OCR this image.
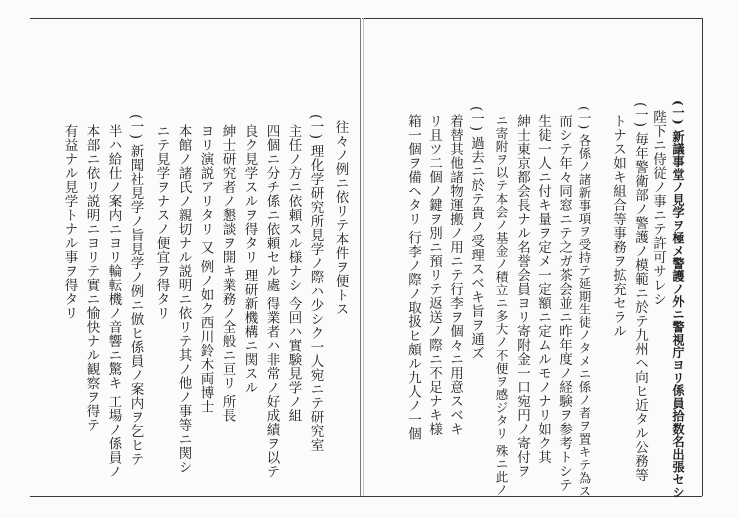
(一) 新議事堂ノ見学ヲ極メ警護ノ外ニ警視庁ヨリ係員拾数名出張セシ
陛下ニ侍従ノ事ニテ許可サレシ
(一) 毎年警衛部ノ警護ノ模範ニ於テ九州ヘ向ヒ近タル公務等
トナス如キ組合等事務ヲ拡充セラル
(一) 各係ノ諸新事項ヲ受持テ延期生徒ノタメニ係ノ者ヲ置キテ為ス
而シテ年々同窓ニテ之ガ茶会並ニ昨年度ノ経験ヲ参考トシテ
生徒一人ニ付キ量ヲ定メ一定額ニ定ムルモノナリ如ク其
紳士東京都会長ナル名誉会員ヨリ寄附金一口宛円ノ寄付ヲ
ニ寄附ヲ以テ本会ノ基金ノ積立ニ多大ノ不便ヲ感ジタリ 殊ニ此ノ
(一) 過去ニ於テ貴ノ受理スベキ旨ヲ通ズ
着替其他諸物運搬ノ用ニテ行李ヲ個々ニ用意スベキ
リ且ツ二個ノ鍵ヲ別ニ預リテ返送ノ際ニ不足ナキ様
箱一個ヲ備ヘタリ 行李ノ際ノ取扱ヒ頗ル九人ノ一個
往々ノ例ニ依リテ本件ヲ便トス
(一) 理化学研究所見学ノ際ハ少シク一人宛ニテ研究室
主任ノ方ニ依頼スル様ナシ 今回ハ實験見学ノ組
四個ニ分チ係ニ依頼セル處 得業者ハ非常ノ好成績ヲ以テ
良ク見学スルヲ得タリ 理研新機構ニ関スル
紳士研究者ノ懇談ヲ開キ業務ノ全般ニ亘リ 所長
ヨリ演説アリタリ 又 例ノ如ク西川鈴木両博士
本館ノ諸氏ノ親切ナル説明ニ依リテ其ノ他ノ事等ニ関シ
ニテ見学ヲナスノ便宜ヲ得タリ
(一) 新聞社見学ノ旨見学ノ例ニ倣ヒ係員ノ案内ヲ乞ヒテ
半ハ給仕ノ案内ニヨリ輪転機ノ音響ニ驚キ 工場ノ係員ノ
本部ニ依リ説明ニヨリテ實ニ愉快ナル観察ヲ得テ
有益ナル見学トナル事ヲ得タリ
